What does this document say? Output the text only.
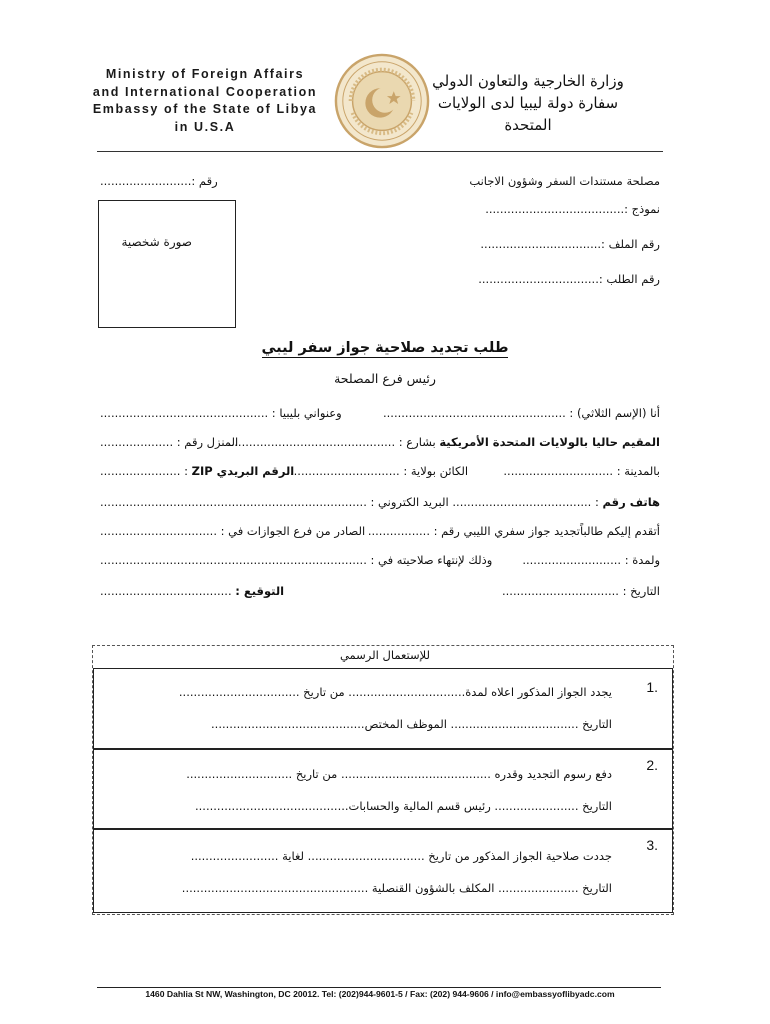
Ministry of Foreign Affairs
and International Cooperation
Embassy of the State of Libya
in U.S.A
وزارة الخارجية والتعاون الدولي
سفارة دولة ليبيا لدى الولايات
المتحدة
مصلحة مستندات السفر وشؤون الاجانب
رقم :.........................
نموذج :......................................
رقم الملف :.................................
رقم الطلب :.................................
صورة شخصية
طلب تجديد صلاحية جواز سفر ليبي
رئيس فرع المصلحة
أنا (الإسم الثلاثي) : ..................................................
وعنواني بليبيا : ..............................................
المقيم حاليا بالولايات المتحدة الأمريكية بشارع : ..............................................
المنزل رقم : ....................
بالمدينة : ..............................
الكائن بولاية : ..............................
الرقم البريدي ZIP : ......................
هاتف رقم : ......................................
البريد الكتروني : .........................................................................
أتقدم إليكم طالباًتجديد جواز سفري الليبي رقم : .................
الصادر من فرع الجوازات في : ................................
ولمدة : ...........................
وذلك لإنتهاء صلاحيته في : .........................................................................
التاريخ : ................................
التوقيع : ....................................
للإستعمال الرسمي
1.
يجدد الجواز المذكور اعلاه لمدة................................ من تاريخ .................................
التاريخ ................................... الموظف المختص..........................................
2.
دفع رسوم التجديد وقدره ......................................... من تاريخ .............................
التاريخ ....................... رئيس قسم المالية والحسابات..........................................
3.
جددت صلاحية الجواز المذكور من تاريخ ................................ لغاية ........................
التاريخ ...................... المكلف بالشؤون القنصلية ...................................................
1460 Dahlia St NW, Washington, DC 20012. Tel: (202)944-9601-5 / Fax: (202) 944-9606 / info@embassyoflibyadc.com
